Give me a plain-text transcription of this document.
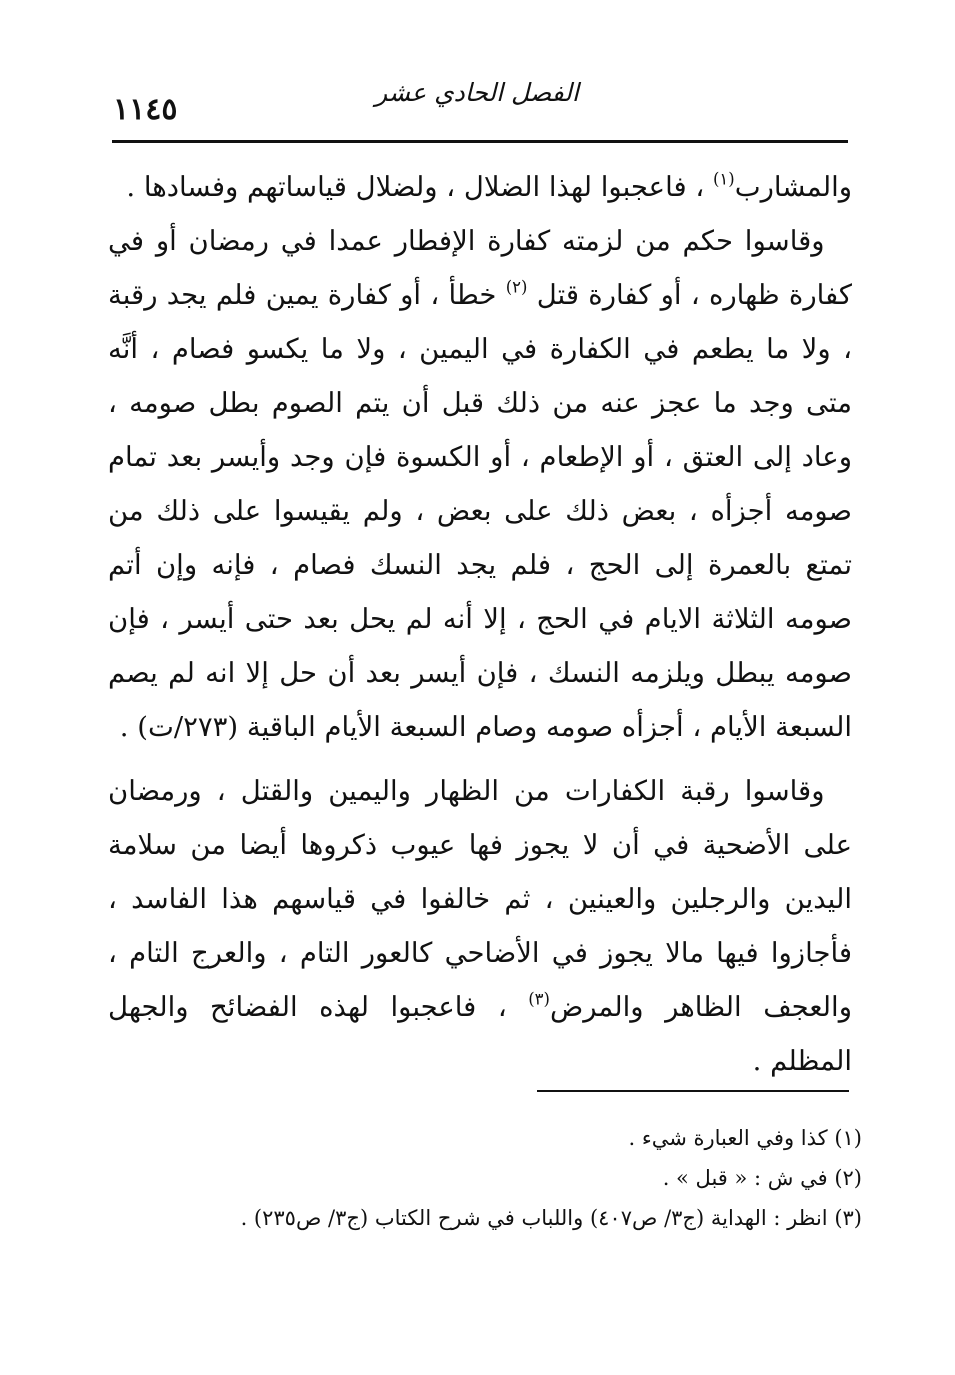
الفصل الحادي عشر
١١٤٥

والمشارب$^{(١)}$ ، فاعجبوا لهذا الضلال ، ولضلال قياساتهم وفسادها .

 وقاسوا حكم من لزمته كفارة الإفطار عمدا في رمضان أو في كفارة ظهاره ، أو كفارة قتل $^{(٢)}$ خطأ ، أو كفارة يمين فلم يجد رقبة ، ولا ما يطعم في الكفارة في اليمين ، ولا ما يكسو فصام ، أنَّه متى وجد ما عجز عنه من ذلك قبل أن يتم الصوم بطل صومه ، وعاد إلى العتق ، أو الإطعام ، أو الكسوة فإن وجد وأيسر بعد تمام صومه أجزأه ، بعض ذلك على بعض ، ولم يقيسوا على ذلك من تمتع بالعمرة إلى الحج ، فلم يجد النسك فصام ، فإنه وإن أتم صومه الثلاثة الايام في الحج ، إلا أنه لم يحل بعد حتى أيسر ، فإن صومه يبطل ويلزمه النسك ، فإن أيسر بعد أن حل إلا انه لم يصم السبعة الأيام ، أجزأه صومه وصام السبعة الأيام الباقية (٢٧٣/ت) .

 وقاسوا رقبة الكفارات من الظهار واليمين والقتل ، ورمضان على الأضحية في أن لا يجوز فها عيوب ذكروها أيضا من سلامة اليدين والرجلين والعينين ، ثم خالفوا في قياسهم هذا الفاسد ، فأجازوا فيها مالا يجوز في الأضاحي كالعور التام ، والعرج التام ، والعجف الظاهر والمرض$^{(٣)}$ ، فاعجبوا لهذه الفضائح والجهل المظلم .

(١) كذا وفي العبارة شيء .

(٢) في ش : « قبل » .

(٣) انظر : الهداية (ج٣/ ص٤٠٧) واللباب في شرح الكتاب (ج٣/ ص٢٣٥) .
